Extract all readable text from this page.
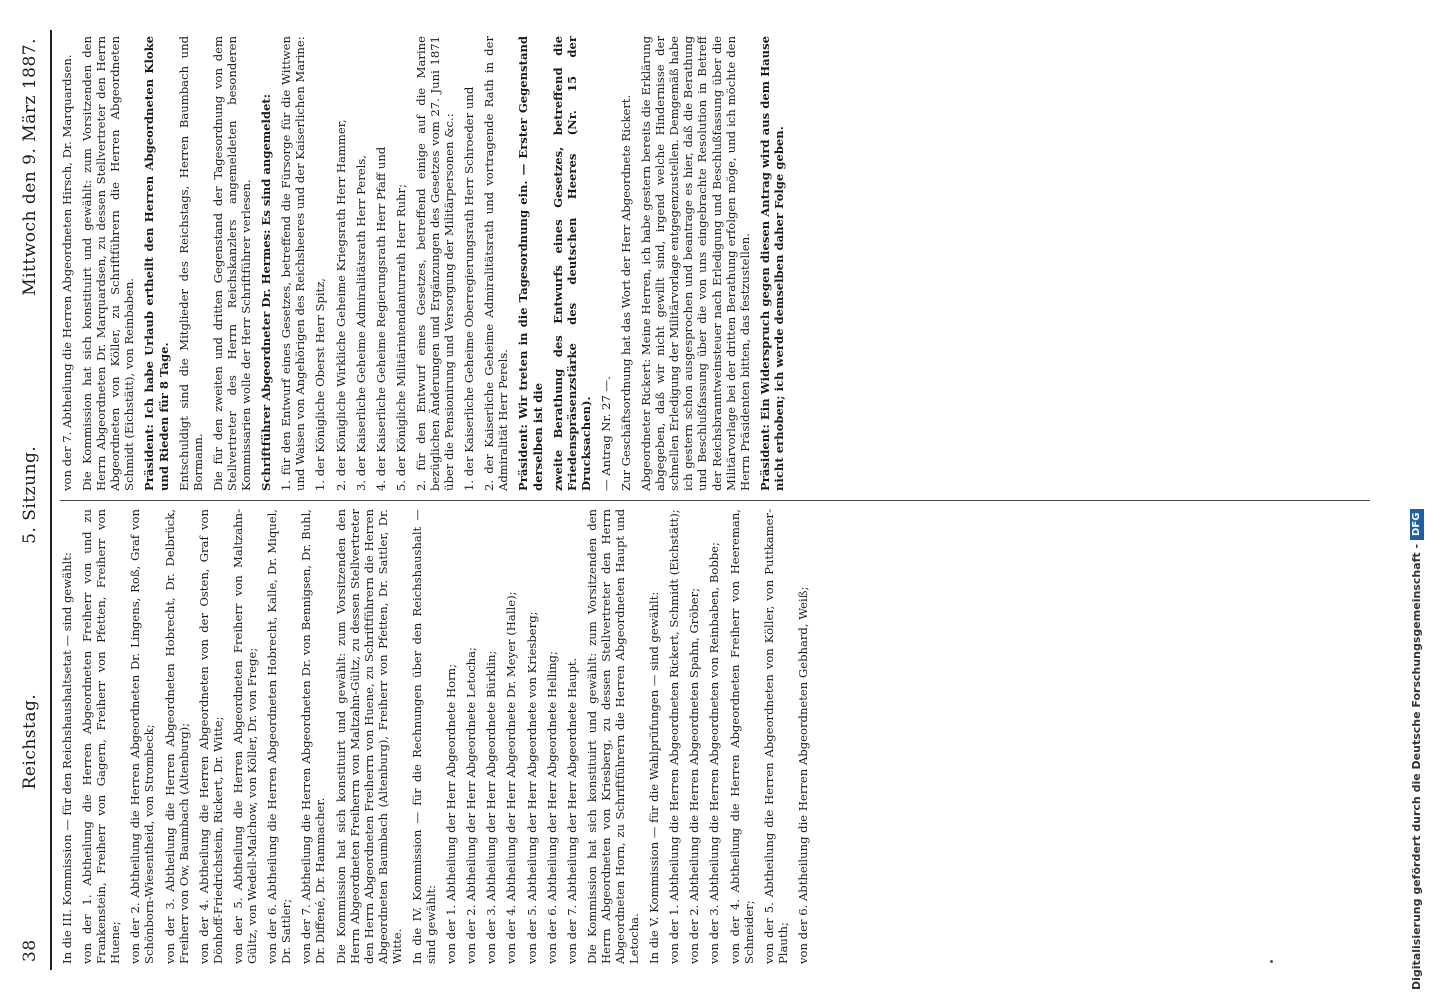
38
Reichstag.
5. Sitzung.
Mittwoch den 9. März 1887.

In die III. Kommission — für den Reichshaushaltsetat — sind gewählt: von der 1. Abtheilung die Herren Abgeordneten Freiherr von und zu Frankenstein, Freiherr von Gagern, Freiherr von Pfetten, Freiherr von Huene; von der 2. Abtheilung die Herren Abgeordneten Dr. Lingens, Roß, Graf von Schönborn-Wiesentheid, von Strombeck; von der 3. Abtheilung die Herren Abgeordneten Hobrecht, Dr. Delbrück, Freiherr von Ow, Baumbach (Altenburg); von der 4. Abtheilung die Herren Abgeordneten von der Osten, Graf von Dönhoff-Friedrichstein, Rickert, Dr. Witte; von der 5. Abtheilung die Herren Abgeordneten Freiherr von Maltzahn-Gültz, von Wedell-Malchow, von Köller, Dr. von Frege; von der 6. Abtheilung die Herren Abgeordneten Hobrecht, Kalle, Dr. Miquel, Dr. Sattler; von der 7. Abtheilung die Herren Abgeordneten Dr. von Bennigsen, Dr. Buhl, Dr. Diffené, Dr. Hammacher. Die Kommission hat sich konstituirt und gewählt: zum Vorsitzenden den Herrn Abgeordneten Freiherrn von Maltzahn-Gültz, zu dessen Stellvertreter den Herrn Abgeordneten Freiherrn von Huene, zu Schriftführern die Herren Abgeordneten Baumbach (Altenburg), Freiherr von Pfetten, Dr. Sattler, Dr. Witte. In die IV. Kommission — für die Rechnungen über den Reichshaushalt — sind gewählt: von der 1. Abtheilung der Herr Abgeordnete Horn; von der 2. Abtheilung der Herr Abgeordnete Letocha; von der 3. Abtheilung der Herr Abgeordnete Bürklin; von der 4. Abtheilung der Herr Abgeordnete Dr. Meyer (Halle); von der 5. Abtheilung der Herr Abgeordnete von Kriesberg; von der 6. Abtheilung der Herr Abgeordnete Helling; von der 7. Abtheilung der Herr Abgeordnete Haupt. Die Kommission hat sich konstituirt und gewählt: zum Vorsitzenden den Herrn Abgeordneten von Kriesberg, zu dessen Stellvertreter den Herrn Abgeordneten Horn, zu Schriftführern die Herren Abgeordneten Haupt und Letocha. In die V. Kommission — für die Wahlprüfungen — sind gewählt: von der 1. Abtheilung die Herren Abgeordneten Rickert, Schmidt (Eichstätt); von der 2. Abtheilung die Herren Abgeordneten Spahn, Gröber; von der 3. Abtheilung die Herren Abgeordneten von Reinbaben, Bobbe; von der 4. Abtheilung die Herren Abgeordneten Freiherr von Heereman, Schneider; von der 5. Abtheilung die Herren Abgeordneten von Köller, von Puttkamer-Plauth; von der 6. Abtheilung die Herren Abgeordneten Gebhard, Weiß;

von der 7. Abtheilung die Herren Abgeordneten Hirsch, Dr. Marquardsen. Die Kommission hat sich konstituirt und gewählt: zum Vorsitzenden den Herrn Abgeordneten Dr. Marquardsen, zu dessen Stellvertreter den Herrn Abgeordneten von Köller, zu Schriftführern die Herren Abgeordneten Schmidt (Eichstätt), von Reinbaben. Präsident: Ich habe Urlaub ertheilt den Herren Abgeordneten Kloke und Rieden für 8 Tage. Entschuldigt sind die Mitglieder des Reichstags, Herren Baumbach und Bormann. Die für den zweiten und dritten Gegenstand der Tagesordnung von dem Stellvertreter des Herrn Reichskanzlers angemeldeten besonderen Kommissarien wolle der Herr Schriftführer verlesen. Schriftführer Abgeordneter Dr. Hermes: Es sind angemeldet: 1. für den Entwurf eines Gesetzes, betreffend die Fürsorge für die Wittwen und Waisen von Angehörigen des Reichsheeres und der Kaiserlichen Marine: 1. der Königliche Oberst Herr Spitz, 2. der Königliche Wirkliche Geheime Kriegsrath Herr Hammer, 3. der Kaiserliche Geheime Admiralitätsrath Herr Perels, 4. der Kaiserliche Geheime Regierungsrath Herr Pfaff und 5. der Königliche Militärintendanturrath Herr Ruhr; 2. für den Entwurf eines Gesetzes, betreffend einige auf die Marine bezüglichen Änderungen und Ergänzungen des Gesetzes vom 27. Juni 1871 über die Pensionirung und Versorgung der Militärpersonen &c.: 1. der Kaiserliche Geheime Oberregierungsrath Herr Schroeder und 2. der Kaiserliche Geheime Admiralitätsrath und vortragende Rath in der Admiralität Herr Perels. Präsident: Wir treten in die Tagesordnung ein. — Erster Gegenstand derselben ist die zweite Berathung des Entwurfs eines Gesetzes, betreffend die Friedenspräsenzstärke des deutschen Heeres (Nr. 15 der Drucksachen). — Antrag Nr. 27 —. Zur Geschäftsordnung hat das Wort der Herr Abgeordnete Rickert. Abgeordneter Rickert: Meine Herren, ich habe gestern bereits die Erklärung abgegeben, daß wir nicht gewillt sind, irgend welche Hindernisse der schnellen Erledigung der Militärvorlage entgegenzustellen. Demgemäß habe ich gestern schon ausgesprochen und beantrage es hier, daß die Berathung und Beschlußfassung über die von uns eingebrachte Resolution in Betreff der Reichsbranntweinsteuer nach Erledigung und Beschlußfassung über die Militärvorlage bei der dritten Berathung erfolgen möge, und ich möchte den Herrn Präsidenten bitten, das festzustellen. Präsident: Ein Widerspruch gegen diesen Antrag wird aus dem Hause nicht erhoben; ich werde demselben daher Folge geben.

Digitalisierung gefördert durch die Deutsche Forschungsgemeinschaft -DFG
